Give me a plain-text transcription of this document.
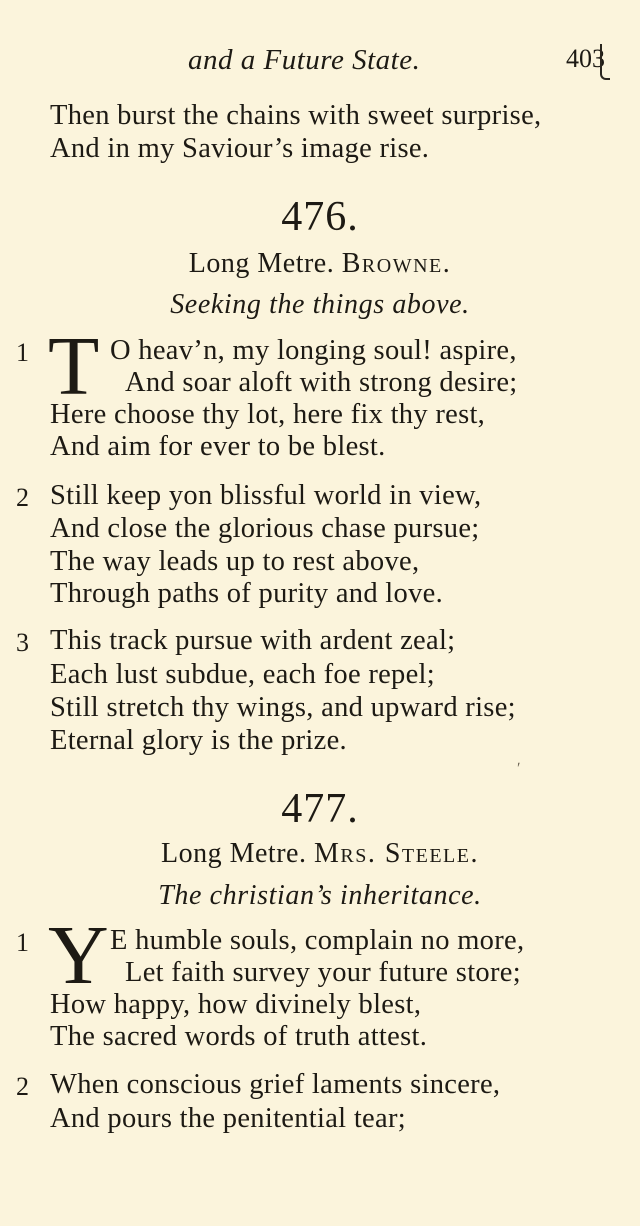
and a Future State.	403
Then burst the chains with sweet surprise,
And in my Saviour’s image rise.
476.
Long Metre. Browne.
Seeking the things above.
1 T O heav’n, my longing soul! aspire,
And soar aloft with strong desire;
Here choose thy lot, here fix thy rest,
And aim for ever to be blest.
2 Still keep yon blissful world in view,
And close the glorious chase pursue;
The way leads up to rest above,
Through paths of purity and love.
3 This track pursue with ardent zeal;
Each lust subdue, each foe repel;
Still stretch thy wings, and upward rise;
Eternal glory is the prize.
ʹ
477.
Long Metre. Mrs. Steele.
The christian’s inheritance.
1 Y E humble souls, complain no more,
Let faith survey your future store;
How happy, how divinely blest,
The sacred words of truth attest.
2 When conscious grief laments sincere,
And pours the penitential tear;
